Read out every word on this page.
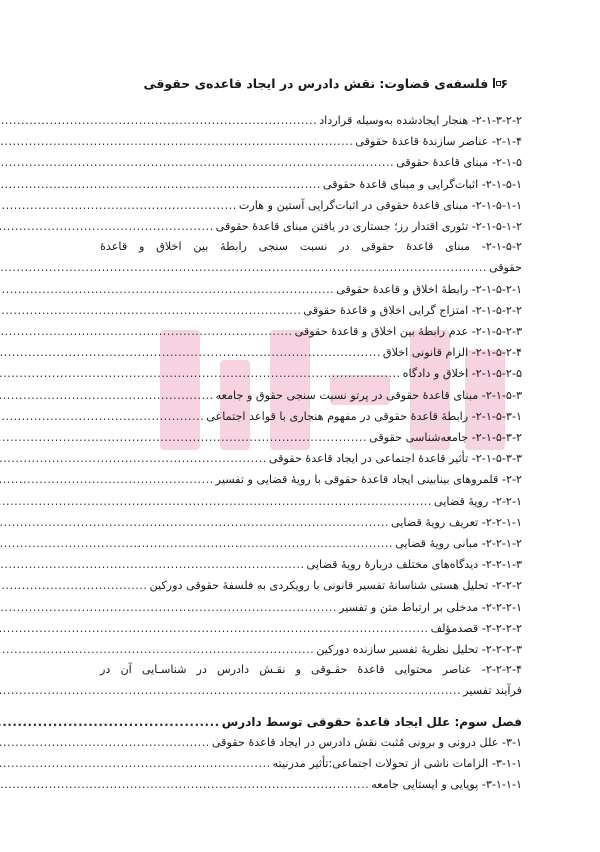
۶
فلسفه‌ی قضاوت: نقش دادرس در ایجاد قاعده‌ی حقوقی
۲-۱-۳-۲-۲- هنجار ایجادشده به‌وسیله قرارداد
.....
۲-۱-۴- عناصر سازندهٔ قاعدهٔ حقوقی
.....
۲-۱-۵- مبنای قاعدهٔ حقوقی
.....
۲-۱-۵-۱- اثبات‌گرایی و مبنای قاعدهٔ حقوقی
.....
۲-۱-۵-۱-۱- مبنای قاعدهٔ حقوقی در اثبات‌گرایی آستین و هارت
.....
۲-۱-۵-۱-۲- تئوری اقتدار رز؛ جستاری در یافتن مبنای قاعدهٔ حقوقی
.....
۲-۱-۵-۲- مبنای قاعدهٔ حقوقی در نسبت سنجی رابطهٔ بین اخلاق و قاعدهٔ
حقوقی
.....
۲-۱-۵-۲-۱- رابطهٔ اخلاق و قاعدهٔ حقوقی
.....
۲-۱-۵-۲-۲- امتزاج گرایی اخلاق و قاعدهٔ حقوقی
.....
۲-۱-۵-۲-۳- عدم رابطهٔ بین اخلاق و قاعدهٔ حقوقی
.....
۲-۱-۵-۲-۴- الزام قانونی اخلاق
.....
۲-۱-۵-۲-۵- اخلاق و دادگاه
.....
۲-۱-۵-۳- مبنای قاعدهٔ حقوقی در پرتو نسبت سنجی حقوق و جامعه
.....
۲-۱-۵-۳-۱- رابطهٔ قاعدهٔ حقوقی در مفهوم هنجاری با قواعد اجتماعی
.....
۲-۱-۵-۳-۲- جامعه‌شناسی حقوقی
.....
۲-۱-۵-۳-۳- تأثیر قاعدهٔ اجتماعی در ایجاد قاعدهٔ حقوقی
.....
۲-۲- قلمروهای بینابینی ایجاد قاعدهٔ حقوقی با رویهٔ قضایی و تفسیر
.....
۲-۲-۱- رویهٔ قضایی
.....
۲-۲-۱-۱- تعریف رویهٔ قضایی
.....
۲-۲-۱-۲- مبانی رویهٔ قضایی
.....
۲-۲-۱-۳- دیدگاه‌های مختلف دربارهٔ رویهٔ قضایی
.....
۲-۲-۲- تحلیل هستی شناسانهٔ تفسیر قانونی با رویکردی به فلسفهٔ حقوقی دورکین
.....
۲-۲-۲-۱- مدخلی بر ارتباط متن و تفسیر
.....
۲-۲-۲-۲- قصدمؤلف
.....
۲-۲-۲-۳- تحلیل نظریهٔ تفسیر سازنده دورکین
.....
۲-۲-۲-۴- عناصر محتوایی قاعدهٔ حقـوقی و نقـش دادرس در شناسـایی آن در
فرآیند تفسیر
.....
فصل سوم: علل ایجاد قاعدهٔ حقوقی توسط دادرس
.....
۳-۱- علل درونی و برونی مُثبت نقش دادرس در ایجاد قاعدهٔ حقوقی
.....
۳-۱-۱- الزامات ناشی از تحولات اجتماعی:تأثیر مدرنیته
.....
۳-۱-۱-۱- پویایی و ایستایی جامعه
.....
